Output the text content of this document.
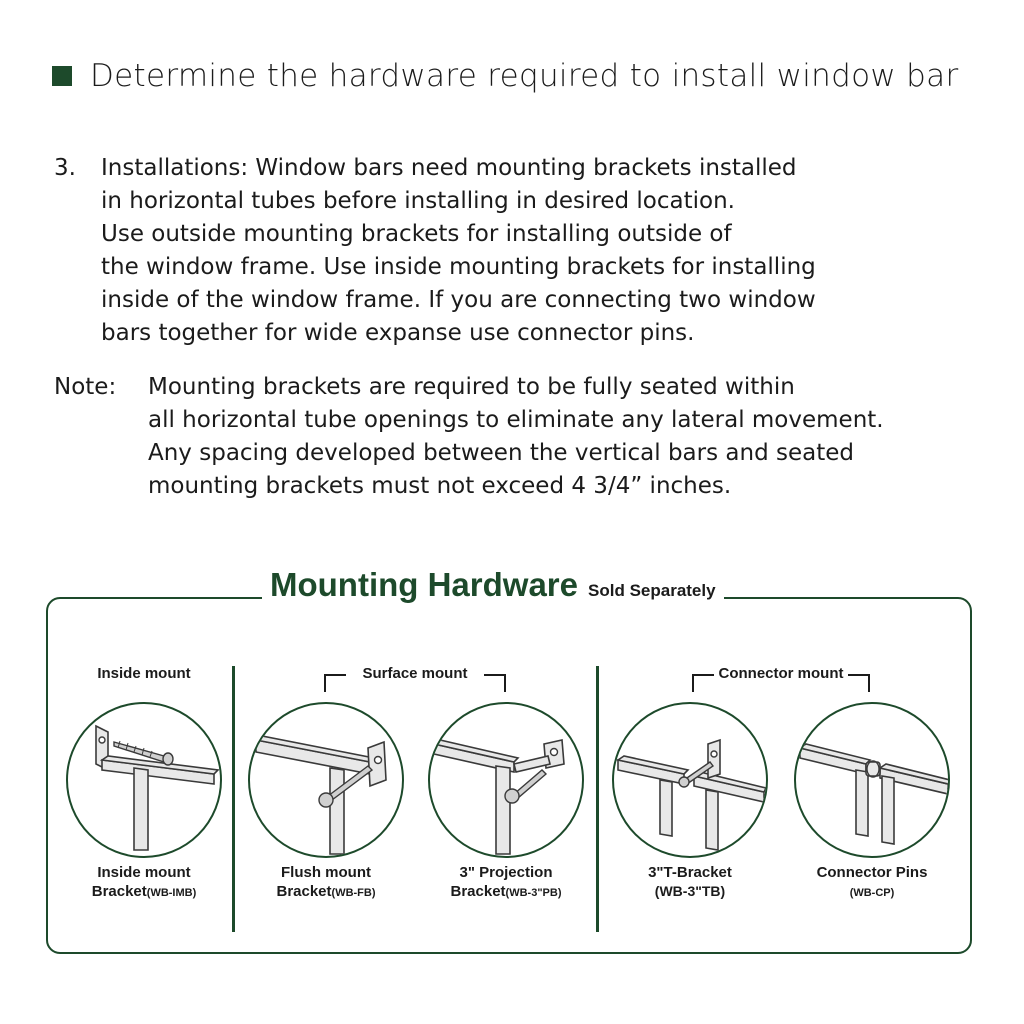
Determine the hardware required to install window bar
3. Installations: Window bars need mounting brackets installed
in horizontal tubes before installing in desired location.
Use outside mounting brackets for installing outside of
the window frame. Use inside mounting brackets for installing
inside of the window frame. If you are connecting two window
bars together for wide expanse use connector pins.
Note: Mounting brackets are required to be fully seated within
all horizontal tube openings to eliminate any lateral movement.
Any spacing developed between the vertical bars and seated
mounting brackets must not exceed 4 3/4” inches.
Mounting Hardware Sold Separately
Inside mount	Surface mount	Connector mount
Inside mount
Bracket(WB-IMB)
Flush mount
Bracket(WB-FB)
3" Projection
Bracket(WB-3"PB)
3"T-Bracket
(WB-3"TB)
Connector Pins
(WB-CP)
